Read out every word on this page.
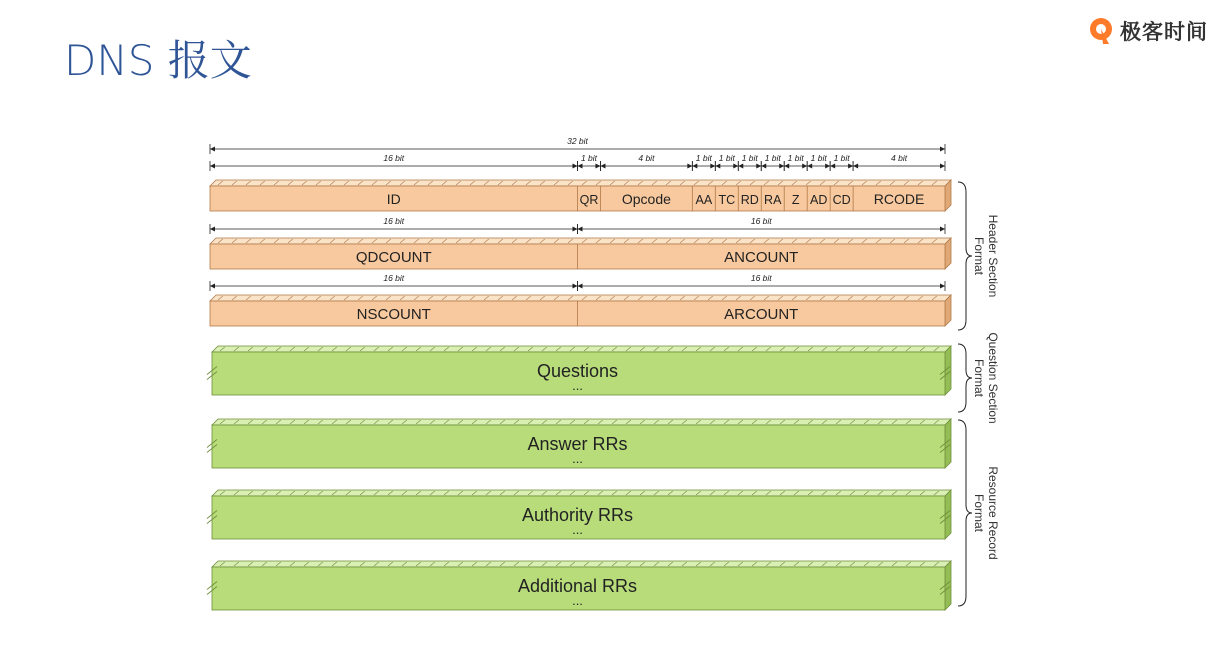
DNS 报文
极客时间
32 bit
16 bit	1 bit	4 bit	1 bit 1 bit 1 bit 1 bit 1 bit 1 bit 1 bit	4 bit
ID	QR Opcode AA TC RD RA Z AD CD RCODE
16 bit	16 bit
QDCOUNT	ANCOUNT
16 bit	16 bit
NSCOUNT	ARCOUNT
Questions
...
Answer RRs
...
Authority RRs
...
Additional RRs
...
Header Section
Format
Question Section
Format
Resource Record
Format
